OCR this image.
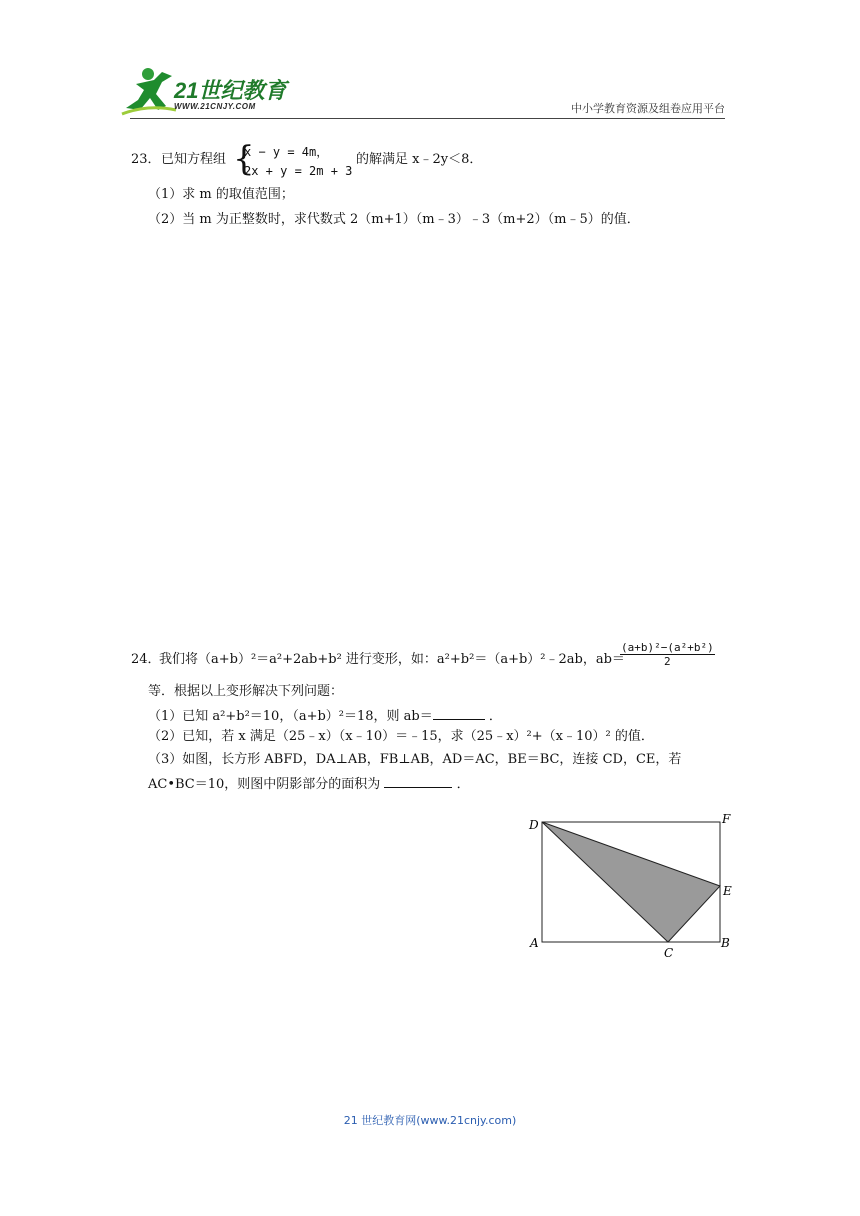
21世纪教育
WWW.21CNJY.COM	中小学教育资源及组卷应用平台
23． 已知方程组 {
x − y = 4m，
2x + y = 2m + 3
的解满足 x﹣2y＜8．
（1）求 m 的取值范围；
（2）当 m 为正整数时，求代数式 2（m+1）（m﹣3）﹣3（m+2）（m﹣5）的值．
24．
我们将（a+b）²＝a²+2ab+b² 进行变形，如：a²+b²＝（a+b）²﹣2ab，ab＝
$\frac{\text{(a+b)²−(a²+b²)}}{2}$
等．根据以上变形解决下列问题：
（1）已知 a²+b²＝10，（a+b）²＝18，则 ab＝	．
（2）已知，若 x 满足（25﹣x）（x﹣10）＝﹣15，求（25﹣x）²+（x﹣10）² 的值．
（3）如图，长方形 ABFD，DA⊥AB，FB⊥AB，AD＝AC，BE＝BC，连接 CD，CE，若
AC•BC＝10，则图中阴影部分的面积为	．
D	F
E
A
C
B
21 世纪教育网(www.21cnjy.com)
